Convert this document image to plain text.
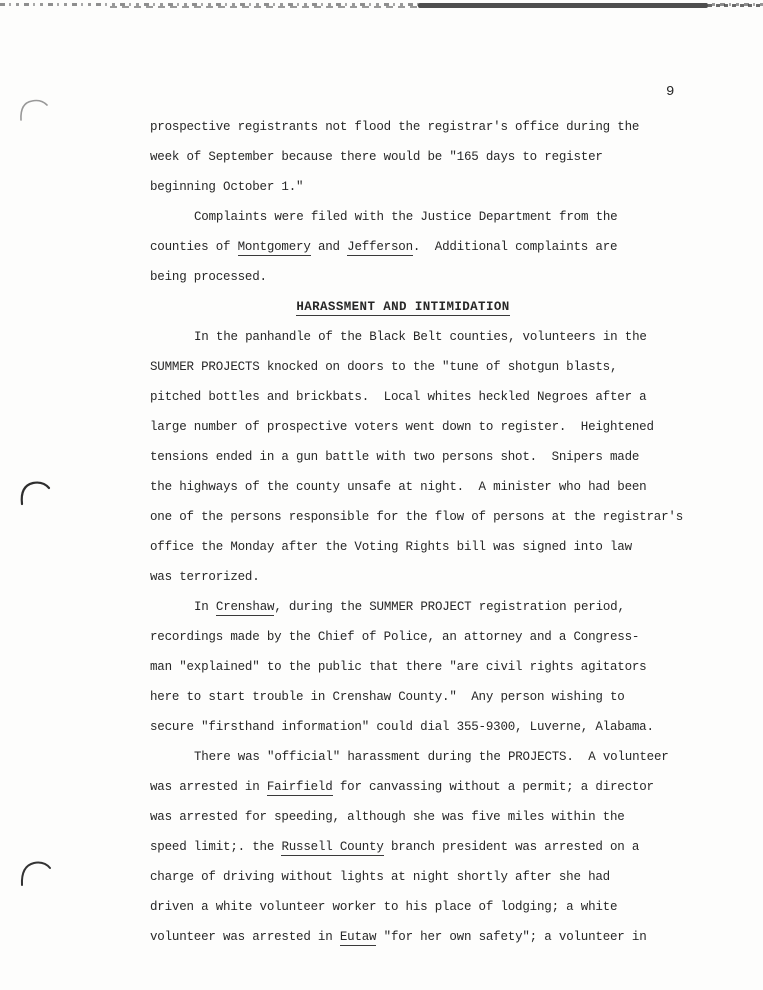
9
prospective registrants not flood the registrar's office during the
week of September because there would be "165 days to register
beginning October 1."
Complaints were filed with the Justice Department from the
counties of Montgomery and Jefferson.  Additional complaints are
being processed.
HARASSMENT AND INTIMIDATION
In the panhandle of the Black Belt counties, volunteers in the
SUMMER PROJECTS knocked on doors to the "tune of shotgun blasts,
pitched bottles and brickbats.  Local whites heckled Negroes after a
large number of prospective voters went down to register.  Heightened
tensions ended in a gun battle with two persons shot.  Snipers made
the highways of the county unsafe at night.  A minister who had been
one of the persons responsible for the flow of persons at the registrar's
office the Monday after the Voting Rights bill was signed into law
was terrorized.
In Crenshaw, during the SUMMER PROJECT registration period,
recordings made by the Chief of Police, an attorney and a Congress-
man "explained" to the public that there "are civil rights agitators
here to start trouble in Crenshaw County."  Any person wishing to
secure "firsthand information" could dial 355-9300, Luverne, Alabama.
There was "official" harassment during the PROJECTS.  A volunteer
was arrested in Fairfield for canvassing without a permit; a director
was arrested for speeding, although she was five miles within the
speed limit;. the Russell County branch president was arrested on a
charge of driving without lights at night shortly after she had
driven a white volunteer worker to his place of lodging; a white
volunteer was arrested in Eutaw "for her own safety"; a volunteer in
